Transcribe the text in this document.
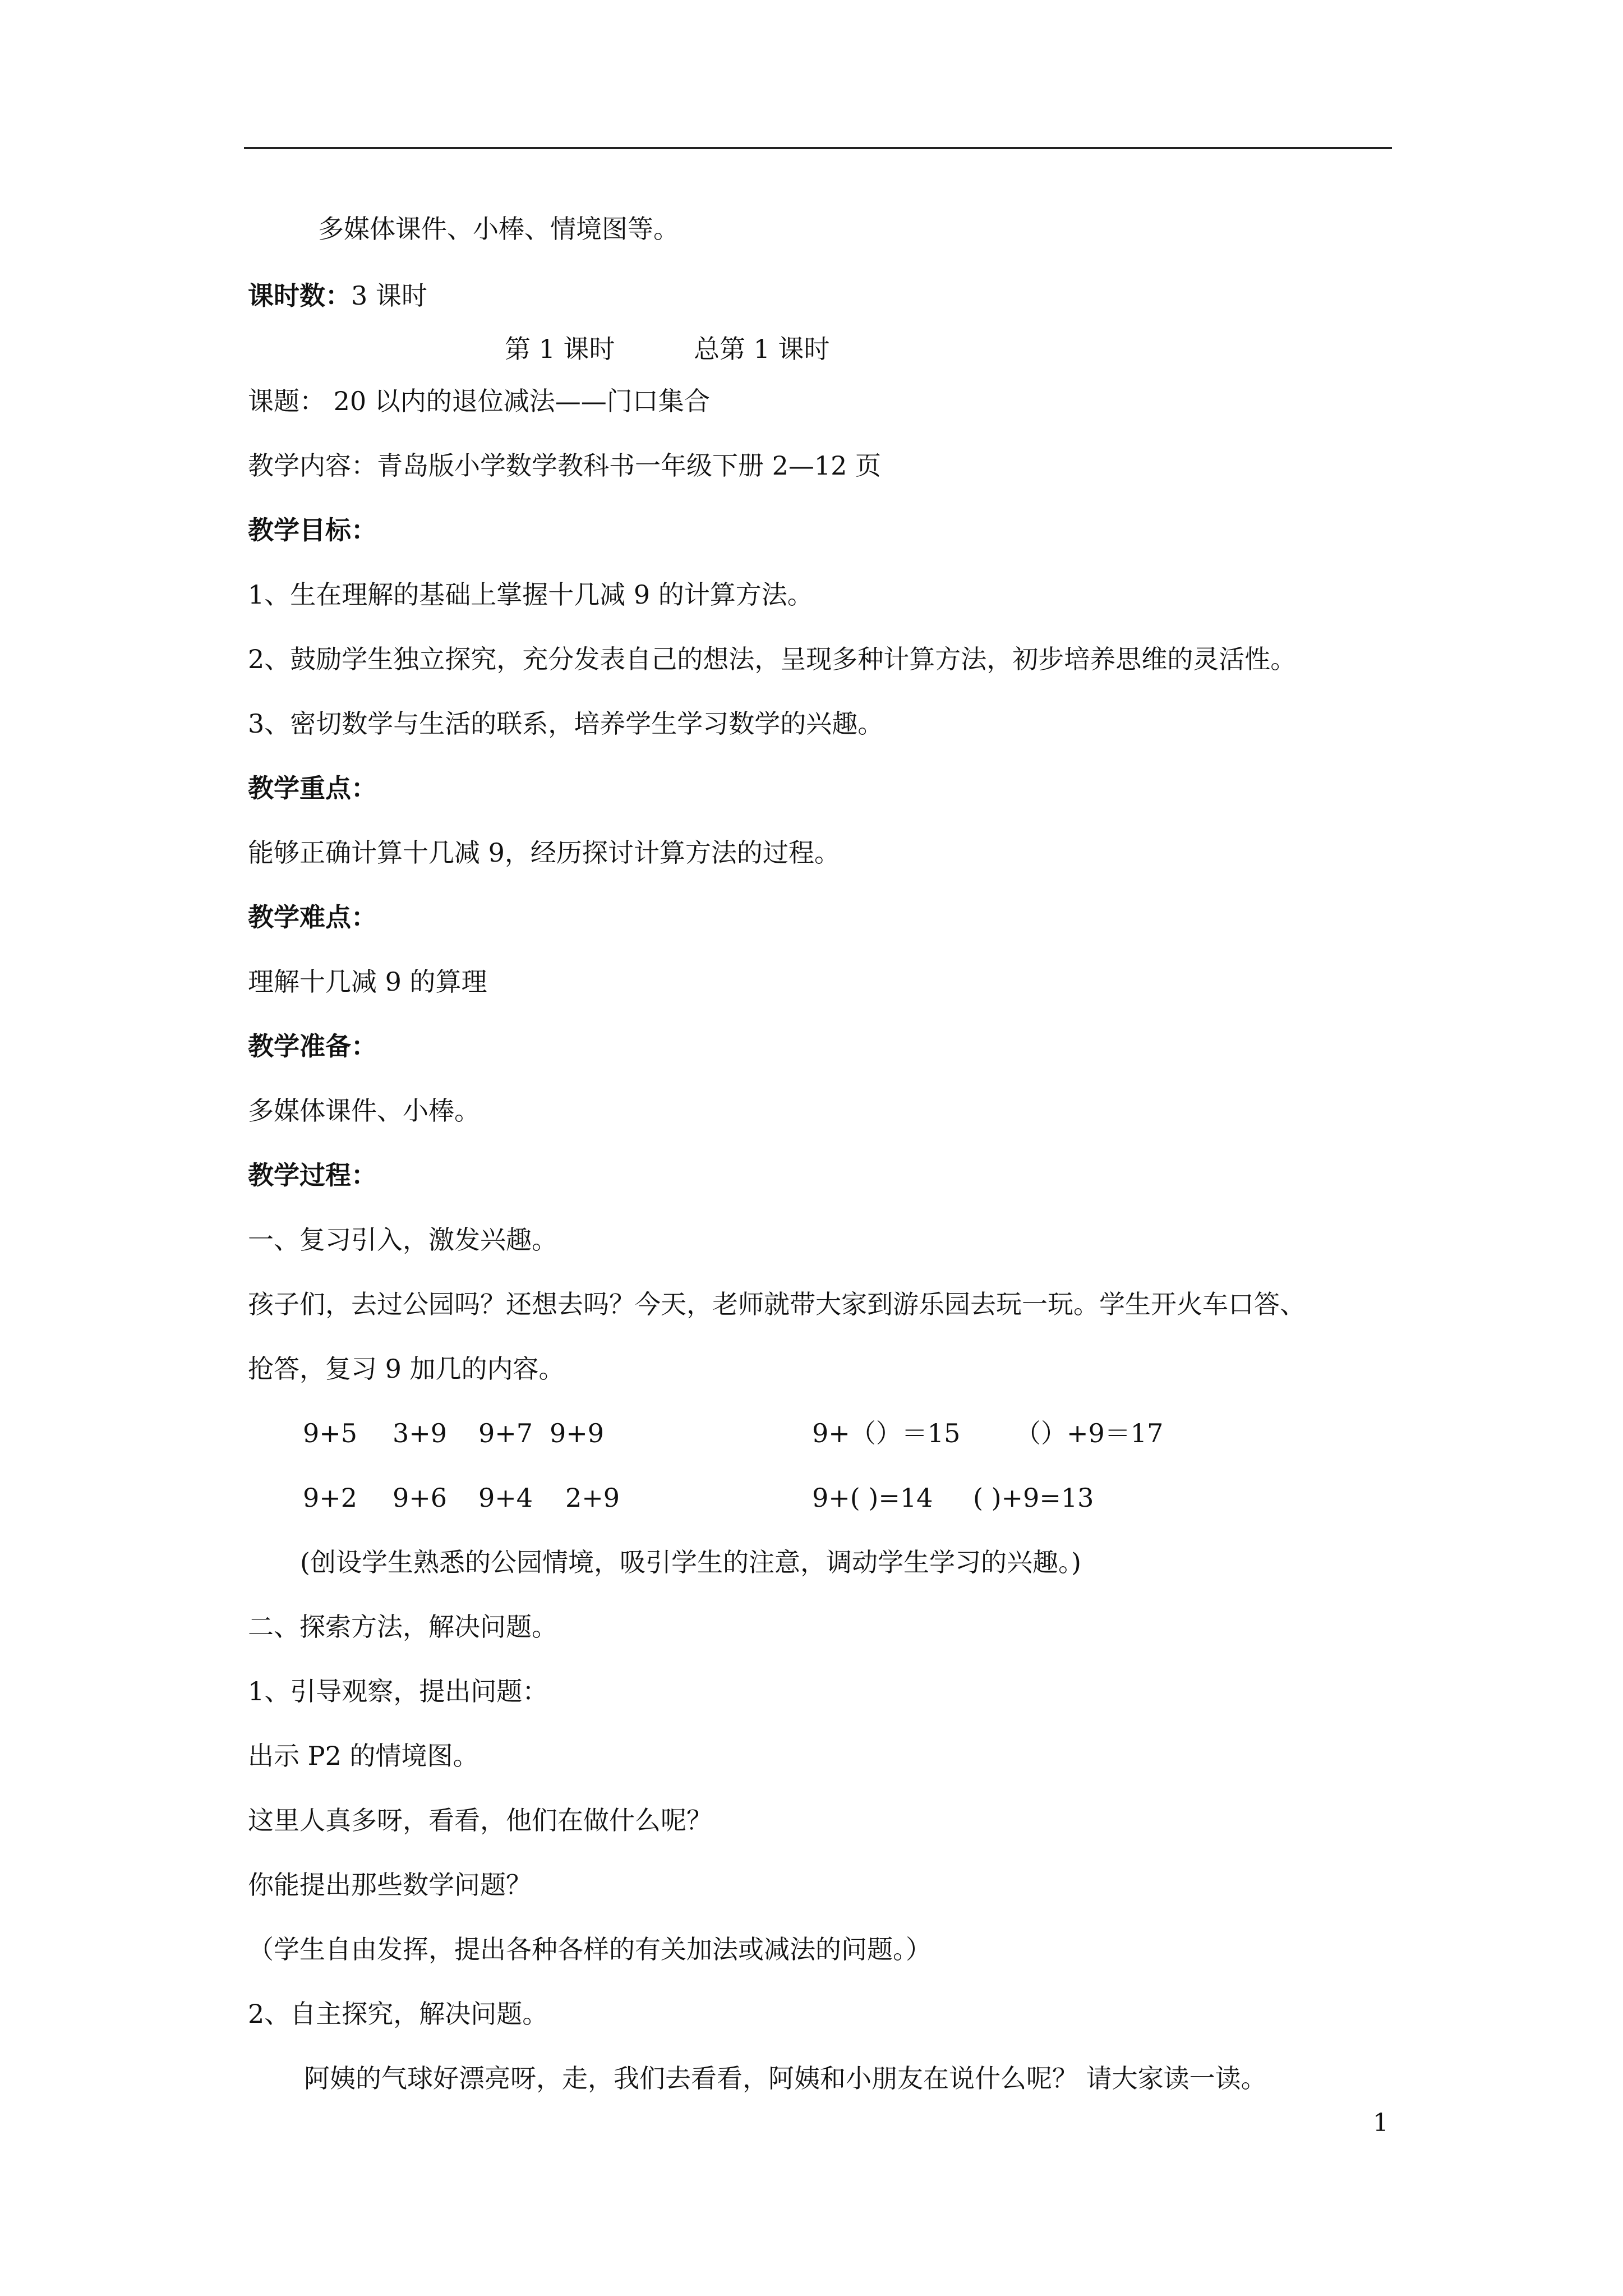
多媒体课件、小棒、情境图等。
课时数：3 课时
第 1 课时	总第 1 课时
课题： 20 以内的退位减法——门口集合
教学内容：青岛版小学数学教科书一年级下册 2—12 页
教学目标：
1、生在理解的基础上掌握十几减 9 的计算方法。
2、鼓励学生独立探究，充分发表自己的想法，呈现多种计算方法，初步培养思维的灵活性。
3、密切数学与生活的联系，培养学生学习数学的兴趣。
教学重点：
能够正确计算十几减 9，经历探讨计算方法的过程。
教学难点：
理解十几减 9 的算理
教学准备：
多媒体课件、小棒。
教学过程：
一、复习引入，激发兴趣。
孩子们，去过公园吗？还想去吗？今天，老师就带大家到游乐园去玩一玩。学生开火车口答、
抢答，复习 9 加几的内容。
9+5 3+9 9+7 9+9	9+（）＝15 （）+9＝17
9+2 9+6 9+4 2+9	9+( )=14 ( )+9=13
(创设学生熟悉的公园情境，吸引学生的注意，调动学生学习的兴趣。)
二、探索方法，解决问题。
1、引导观察，提出问题：
出示 P2 的情境图。
这里人真多呀，看看，他们在做什么呢？
你能提出那些数学问题？
（学生自由发挥，提出各种各样的有关加法或减法的问题。）
2、自主探究，解决问题。
阿姨的气球好漂亮呀，走，我们去看看，阿姨和小朋友在说什么呢？ 请大家读一读。
1
